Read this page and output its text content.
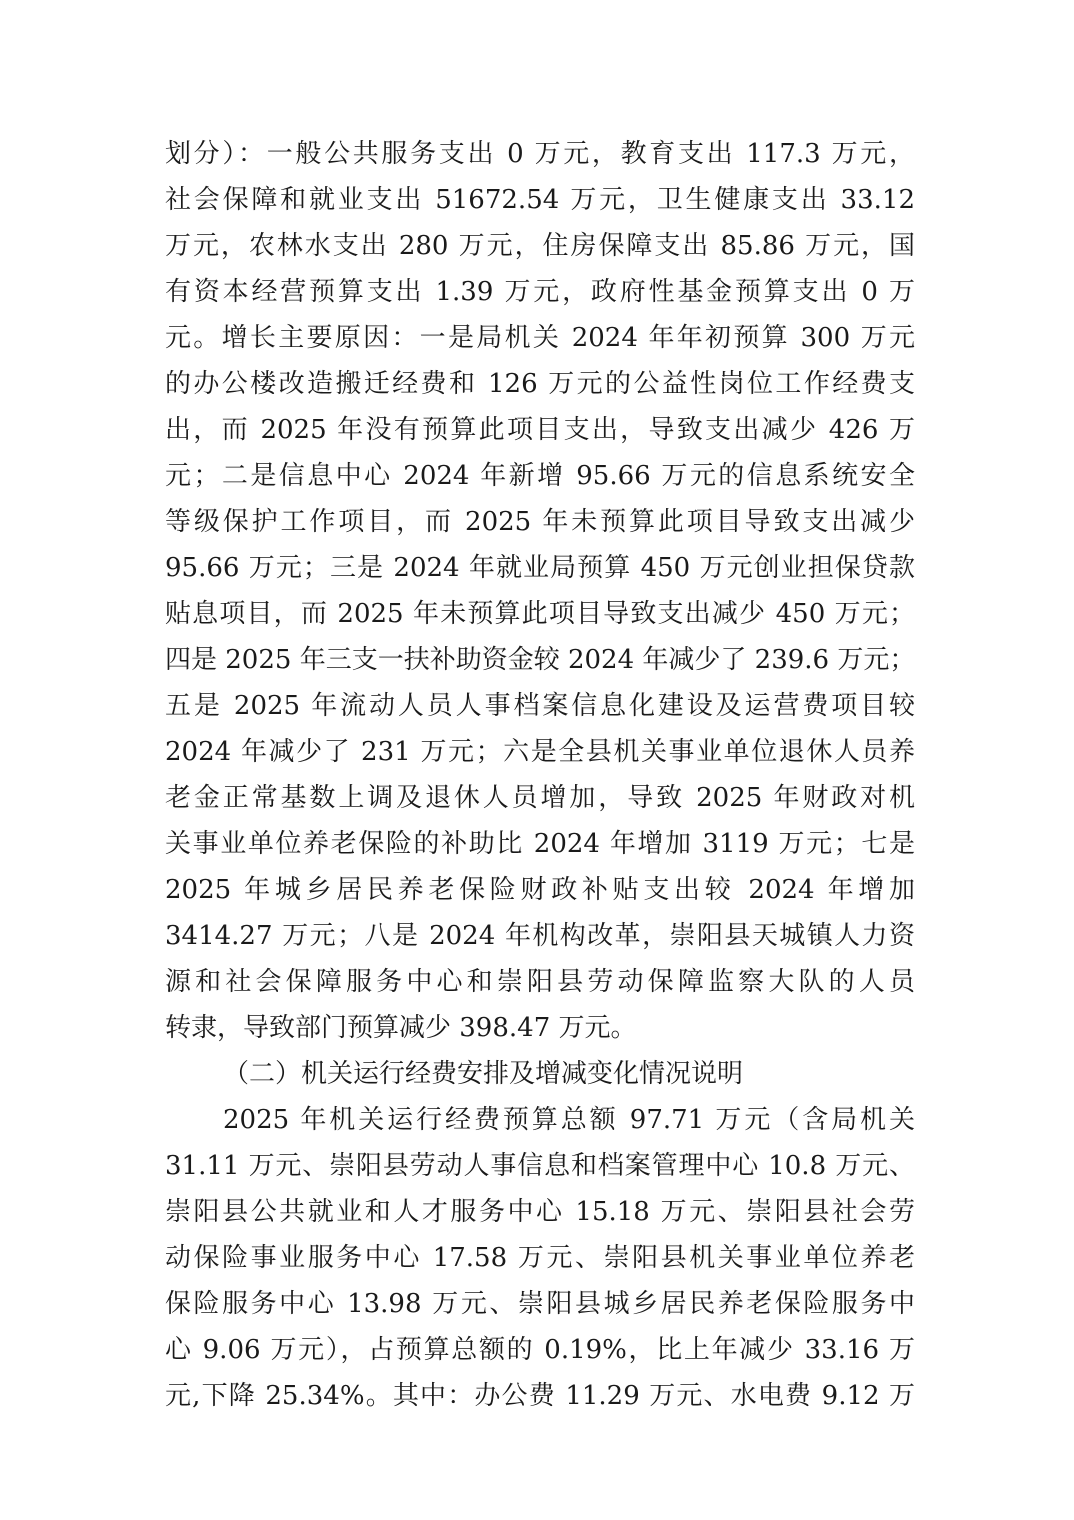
划分）：一般公共服务支出 0 万元，教育支出 117.3 万元，
社会保障和就业支出 51672.54 万元，卫生健康支出 33.12
万元，农林水支出 280 万元，住房保障支出 85.86 万元，国
有资本经营预算支出 1.39 万元，政府性基金预算支出 0 万
元。增长主要原因：一是局机关 2024 年年初预算 300 万元
的办公楼改造搬迁经费和 126 万元的公益性岗位工作经费支
出，而 2025 年没有预算此项目支出，导致支出减少 426 万
元；二是信息中心 2024 年新增 95.66 万元的信息系统安全
等级保护工作项目，而 2025 年未预算此项目导致支出减少
95.66 万元；三是 2024 年就业局预算 450 万元创业担保贷款
贴息项目，而 2025 年未预算此项目导致支出减少 450 万元；
四是 2025 年三支一扶补助资金较 2024 年减少了 239.6 万元；
五是 2025 年流动人员人事档案信息化建设及运营费项目较
2024 年减少了 231 万元；六是全县机关事业单位退休人员养
老金正常基数上调及退休人员增加，导致 2025 年财政对机
关事业单位养老保险的补助比 2024 年增加 3119 万元；七是
2025 年城乡居民养老保险财政补贴支出较 2024 年增加
3414.27 万元；八是 2024 年机构改革，崇阳县天城镇人力资
源和社会保障服务中心和崇阳县劳动保障监察大队的人员
转隶，导致部门预算减少 398.47 万元。
（二）机关运行经费安排及增减变化情况说明
2025 年机关运行经费预算总额 97.71 万元（含局机关
31.11 万元、崇阳县劳动人事信息和档案管理中心 10.8 万元、
崇阳县公共就业和人才服务中心 15.18 万元、崇阳县社会劳
动保险事业服务中心 17.58 万元、崇阳县机关事业单位养老
保险服务中心 13.98 万元、崇阳县城乡居民养老保险服务中
心 9.06 万元），占预算总额的 0.19%，比上年减少 33.16 万
元,下降 25.34%。其中：办公费 11.29 万元、水电费 9.12 万
